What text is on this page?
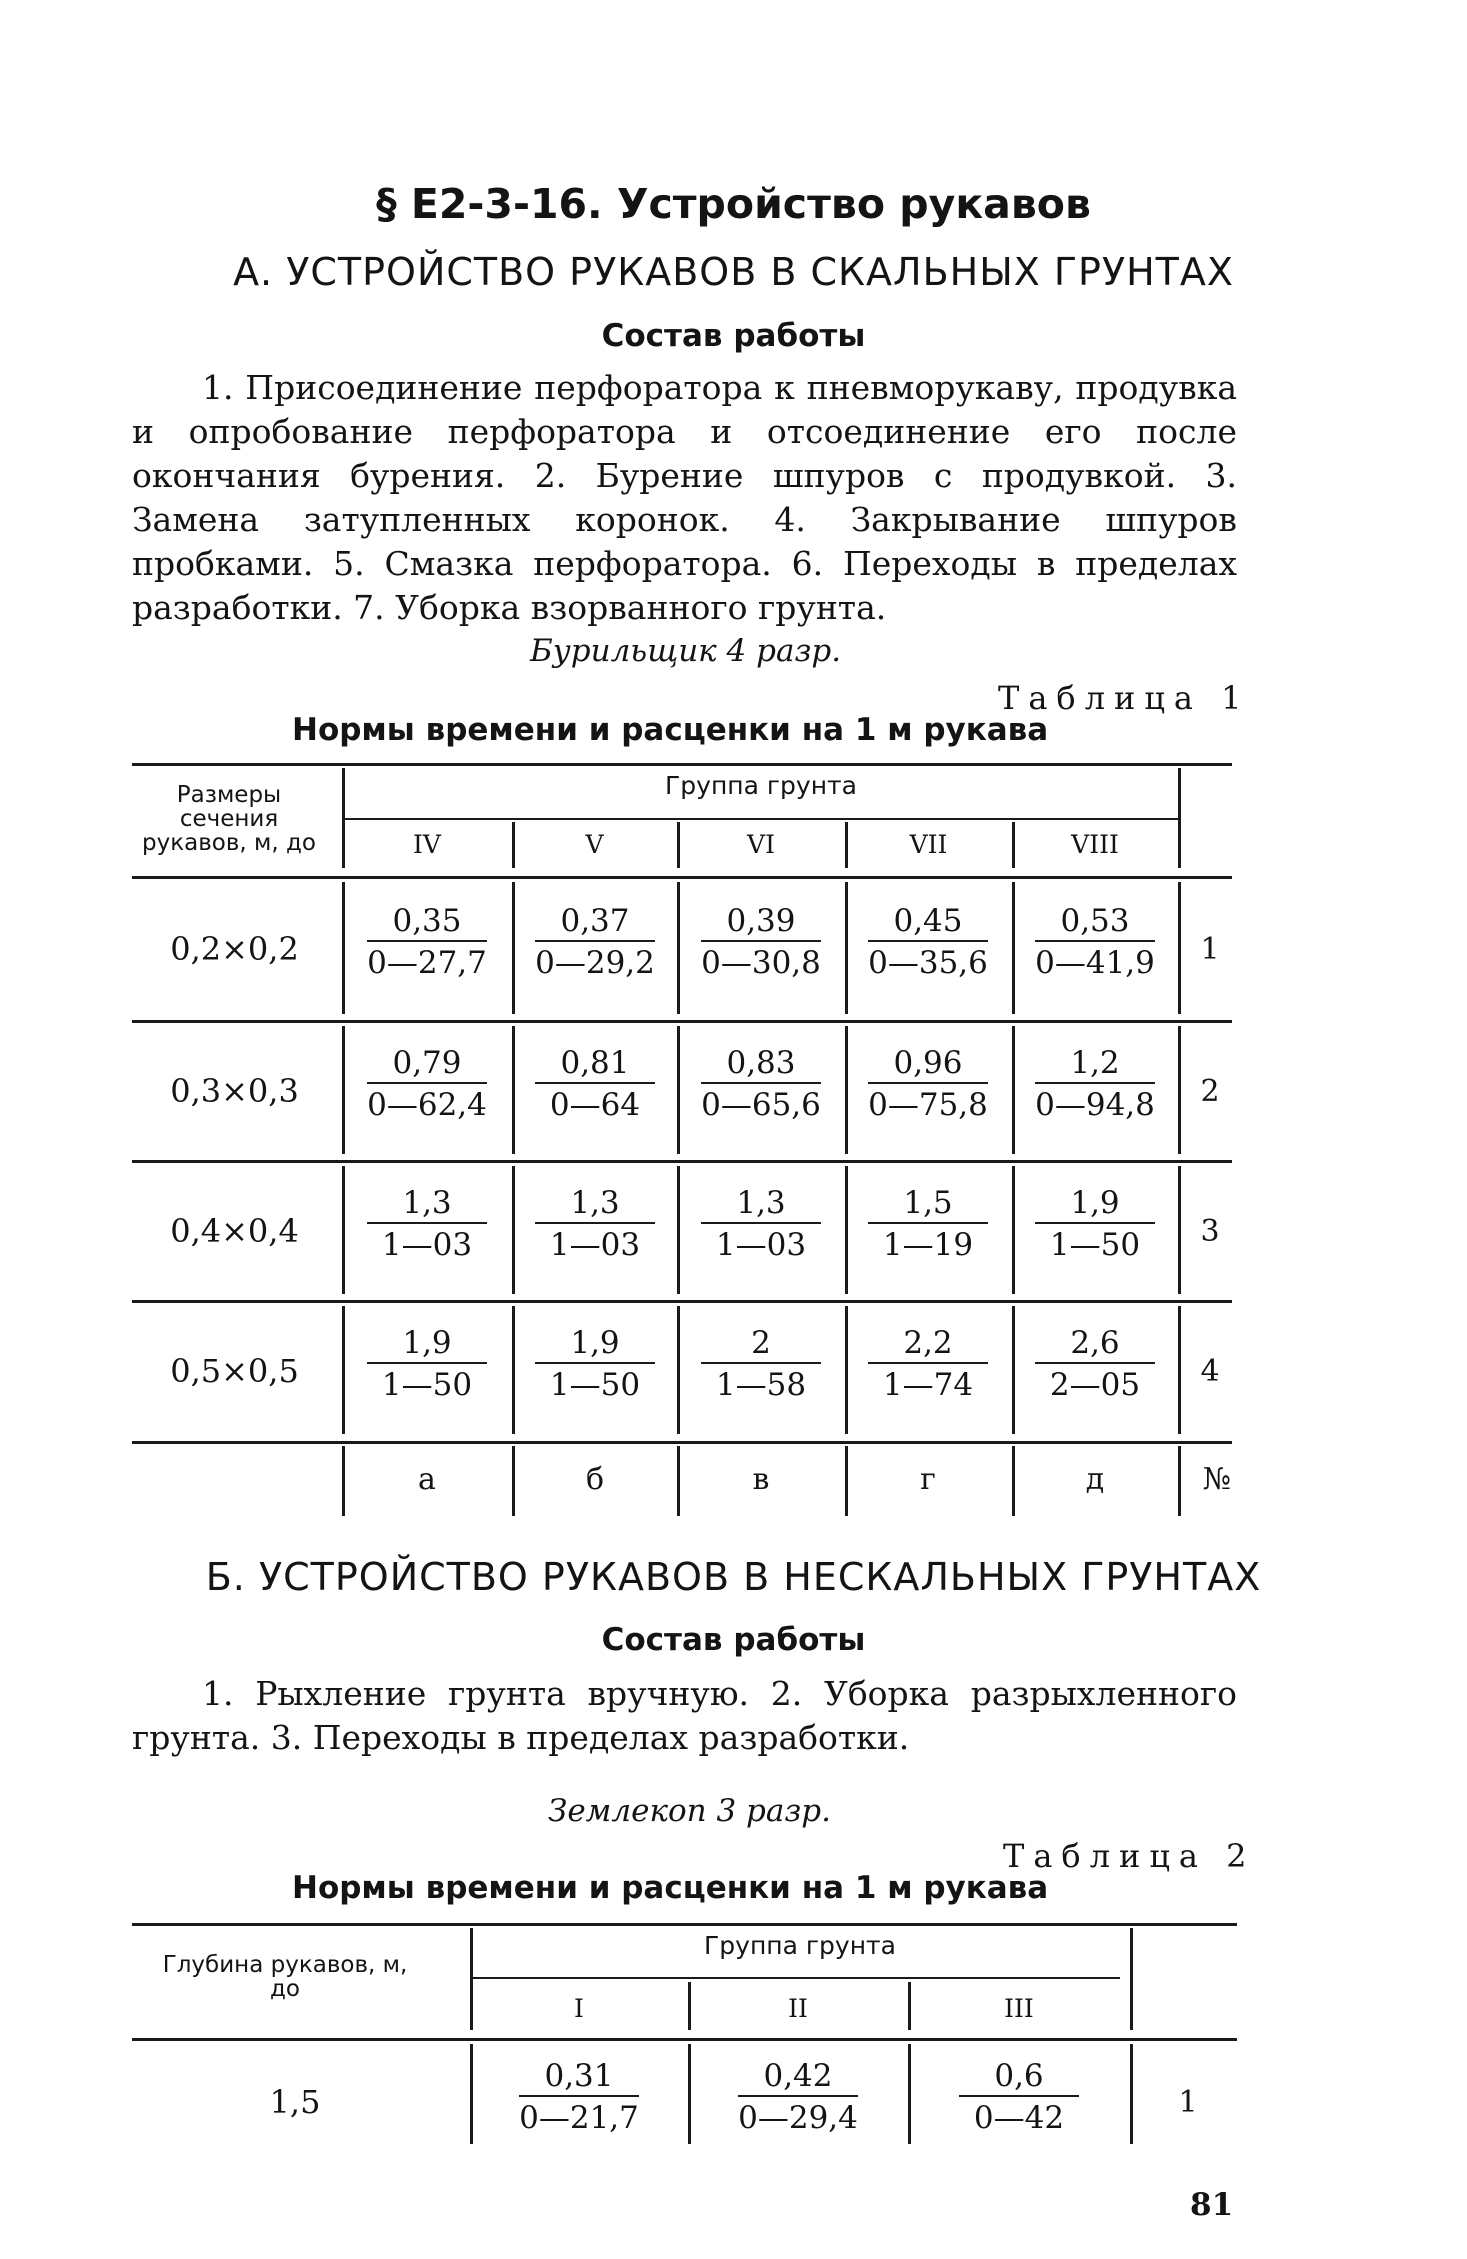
§ Е2-3-16. Устройство рукавов
А. УСТРОЙСТВО РУКАВОВ В СКАЛЬНЫХ ГРУНТАХ
Состав работы
1. Присоединение перфоратора к пневморукаву, продувка и опробование перфоратора и отсоединение его после окончания бурения. 2. Бурение шпуров с продувкой. 3. Замена затупленных коронок. 4. Закрывание шпуров пробками. 5. Смазка перфоратора. 6. Переходы в пределах разработки. 7. Уборка взорванного грунта.
Бурильщик 4 разр.
Таблица 1
Нормы времени и расценки на 1 м рукава
Размеры сечения рукавов, м, до
Группа грунта
IV	V	VI	VII	VIII
0,2×0,2	$\frac{0,35}{0—27,7} \frac{0,37}{0—29,2} \frac{0,39}{0—30,8} \frac{0,45}{0—35,6} \frac{0,53}{0—41,9}$	1
0,3×0,3	$\frac{0,79}{0—62,4} \frac{0,81}{0—64} \frac{0,83}{0—65,6} \frac{0,96}{0—75,8} \frac{1,2}{0—94,8}$	2
0,4×0,4	$\frac{1,3}{1—03} \frac{1,3}{1—03} \frac{1,3}{1—03} \frac{1,5}{1—19} \frac{1,9}{1—50}$	3
0,5×0,5	$\frac{1,9}{1—50} \frac{1,9}{1—50} \frac{2}{1—58} \frac{2,2}{1—74} \frac{2,6}{2—05}$	4
а	б	в	г	д	№
Б. УСТРОЙСТВО РУКАВОВ В НЕСКАЛЬНЫХ ГРУНТАХ
Состав работы
1. Рыхление грунта вручную. 2. Уборка разрыхленного грунта. 3. Переходы в пределах разработки.
Землекоп 3 разр.
Таблица 2
Нормы времени и расценки на 1 м рукава
Глубина рукавов, м, до
Группа грунта
I	II	III
1,5	$\frac{0,31}{0—21,7}$	$\frac{0,42}{0—29,4}$	$\frac{0,6}{0—42}$	1
81
